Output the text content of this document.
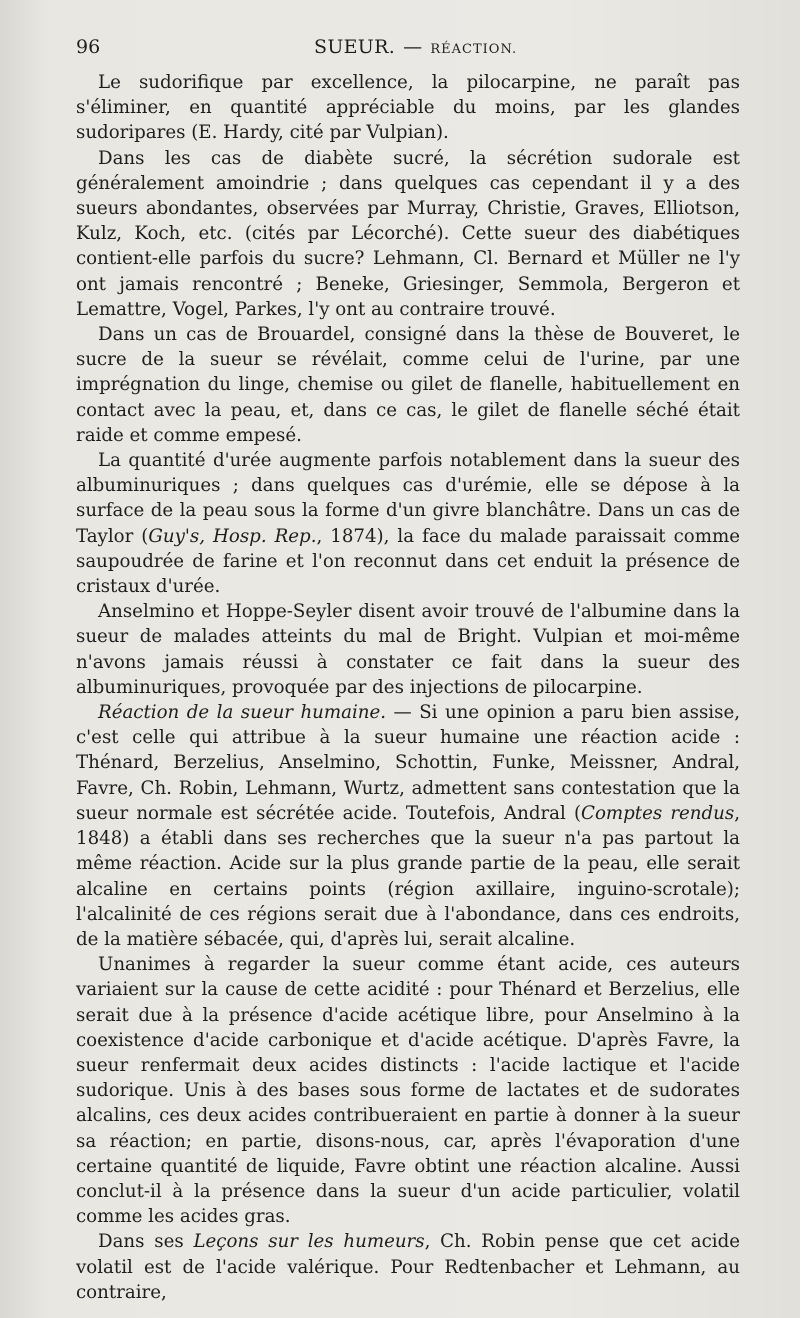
96	SUEUR. — RÉACTION.

Le sudorifique par excellence, la pilocarpine, ne paraît pas s'éliminer, en quantité appréciable du moins, par les glandes sudoripares (E. Hardy, cité par Vulpian).

Dans les cas de diabète sucré, la sécrétion sudorale est généralement amoindrie ; dans quelques cas cependant il y a des sueurs abondantes, observées par Murray, Christie, Graves, Elliotson, Kulz, Koch, etc. (cités par Lécorché). Cette sueur des diabétiques contient-elle parfois du sucre? Lehmann, Cl. Bernard et Müller ne l'y ont jamais rencontré ; Beneke, Griesinger, Semmola, Bergeron et Lemattre, Vogel, Parkes, l'y ont au contraire trouvé.

Dans un cas de Brouardel, consigné dans la thèse de Bouveret, le sucre de la sueur se révélait, comme celui de l'urine, par une imprégnation du linge, chemise ou gilet de flanelle, habituellement en contact avec la peau, et, dans ce cas, le gilet de flanelle séché était raide et comme empesé.

La quantité d'urée augmente parfois notablement dans la sueur des albuminuriques ; dans quelques cas d'urémie, elle se dépose à la surface de la peau sous la forme d'un givre blanchâtre. Dans un cas de Taylor (Guy's, Hosp. Rep., 1874), la face du malade paraissait comme saupoudrée de farine et l'on reconnut dans cet enduit la présence de cristaux d'urée.

Anselmino et Hoppe-Seyler disent avoir trouvé de l'albumine dans la sueur de malades atteints du mal de Bright. Vulpian et moi-même n'avons jamais réussi à constater ce fait dans la sueur des albuminuriques, provoquée par des injections de pilocarpine.

Réaction de la sueur humaine. — Si une opinion a paru bien assise, c'est celle qui attribue à la sueur humaine une réaction acide : Thénard, Berzelius, Anselmino, Schottin, Funke, Meissner, Andral, Favre, Ch. Robin, Lehmann, Wurtz, admettent sans contestation que la sueur normale est sécrétée acide. Toutefois, Andral (Comptes rendus, 1848) a établi dans ses recherches que la sueur n'a pas partout la même réaction. Acide sur la plus grande partie de la peau, elle serait alcaline en certains points (région axillaire, inguino-scrotale); l'alcalinité de ces régions serait due à l'abondance, dans ces endroits, de la matière sébacée, qui, d'après lui, serait alcaline.

Unanimes à regarder la sueur comme étant acide, ces auteurs variaient sur la cause de cette acidité : pour Thénard et Berzelius, elle serait due à la présence d'acide acétique libre, pour Anselmino à la coexistence d'acide carbonique et d'acide acétique. D'après Favre, la sueur renfermait deux acides distincts : l'acide lactique et l'acide sudorique. Unis à des bases sous forme de lactates et de sudorates alcalins, ces deux acides contribueraient en partie à donner à la sueur sa réaction; en partie, disons-nous, car, après l'évaporation d'une certaine quantité de liquide, Favre obtint une réaction alcaline. Aussi conclut-il à la présence dans la sueur d'un acide particulier, volatil comme les acides gras.

Dans ses Leçons sur les humeurs, Ch. Robin pense que cet acide volatil est de l'acide valérique. Pour Redtenbacher et Lehmann, au contraire,
